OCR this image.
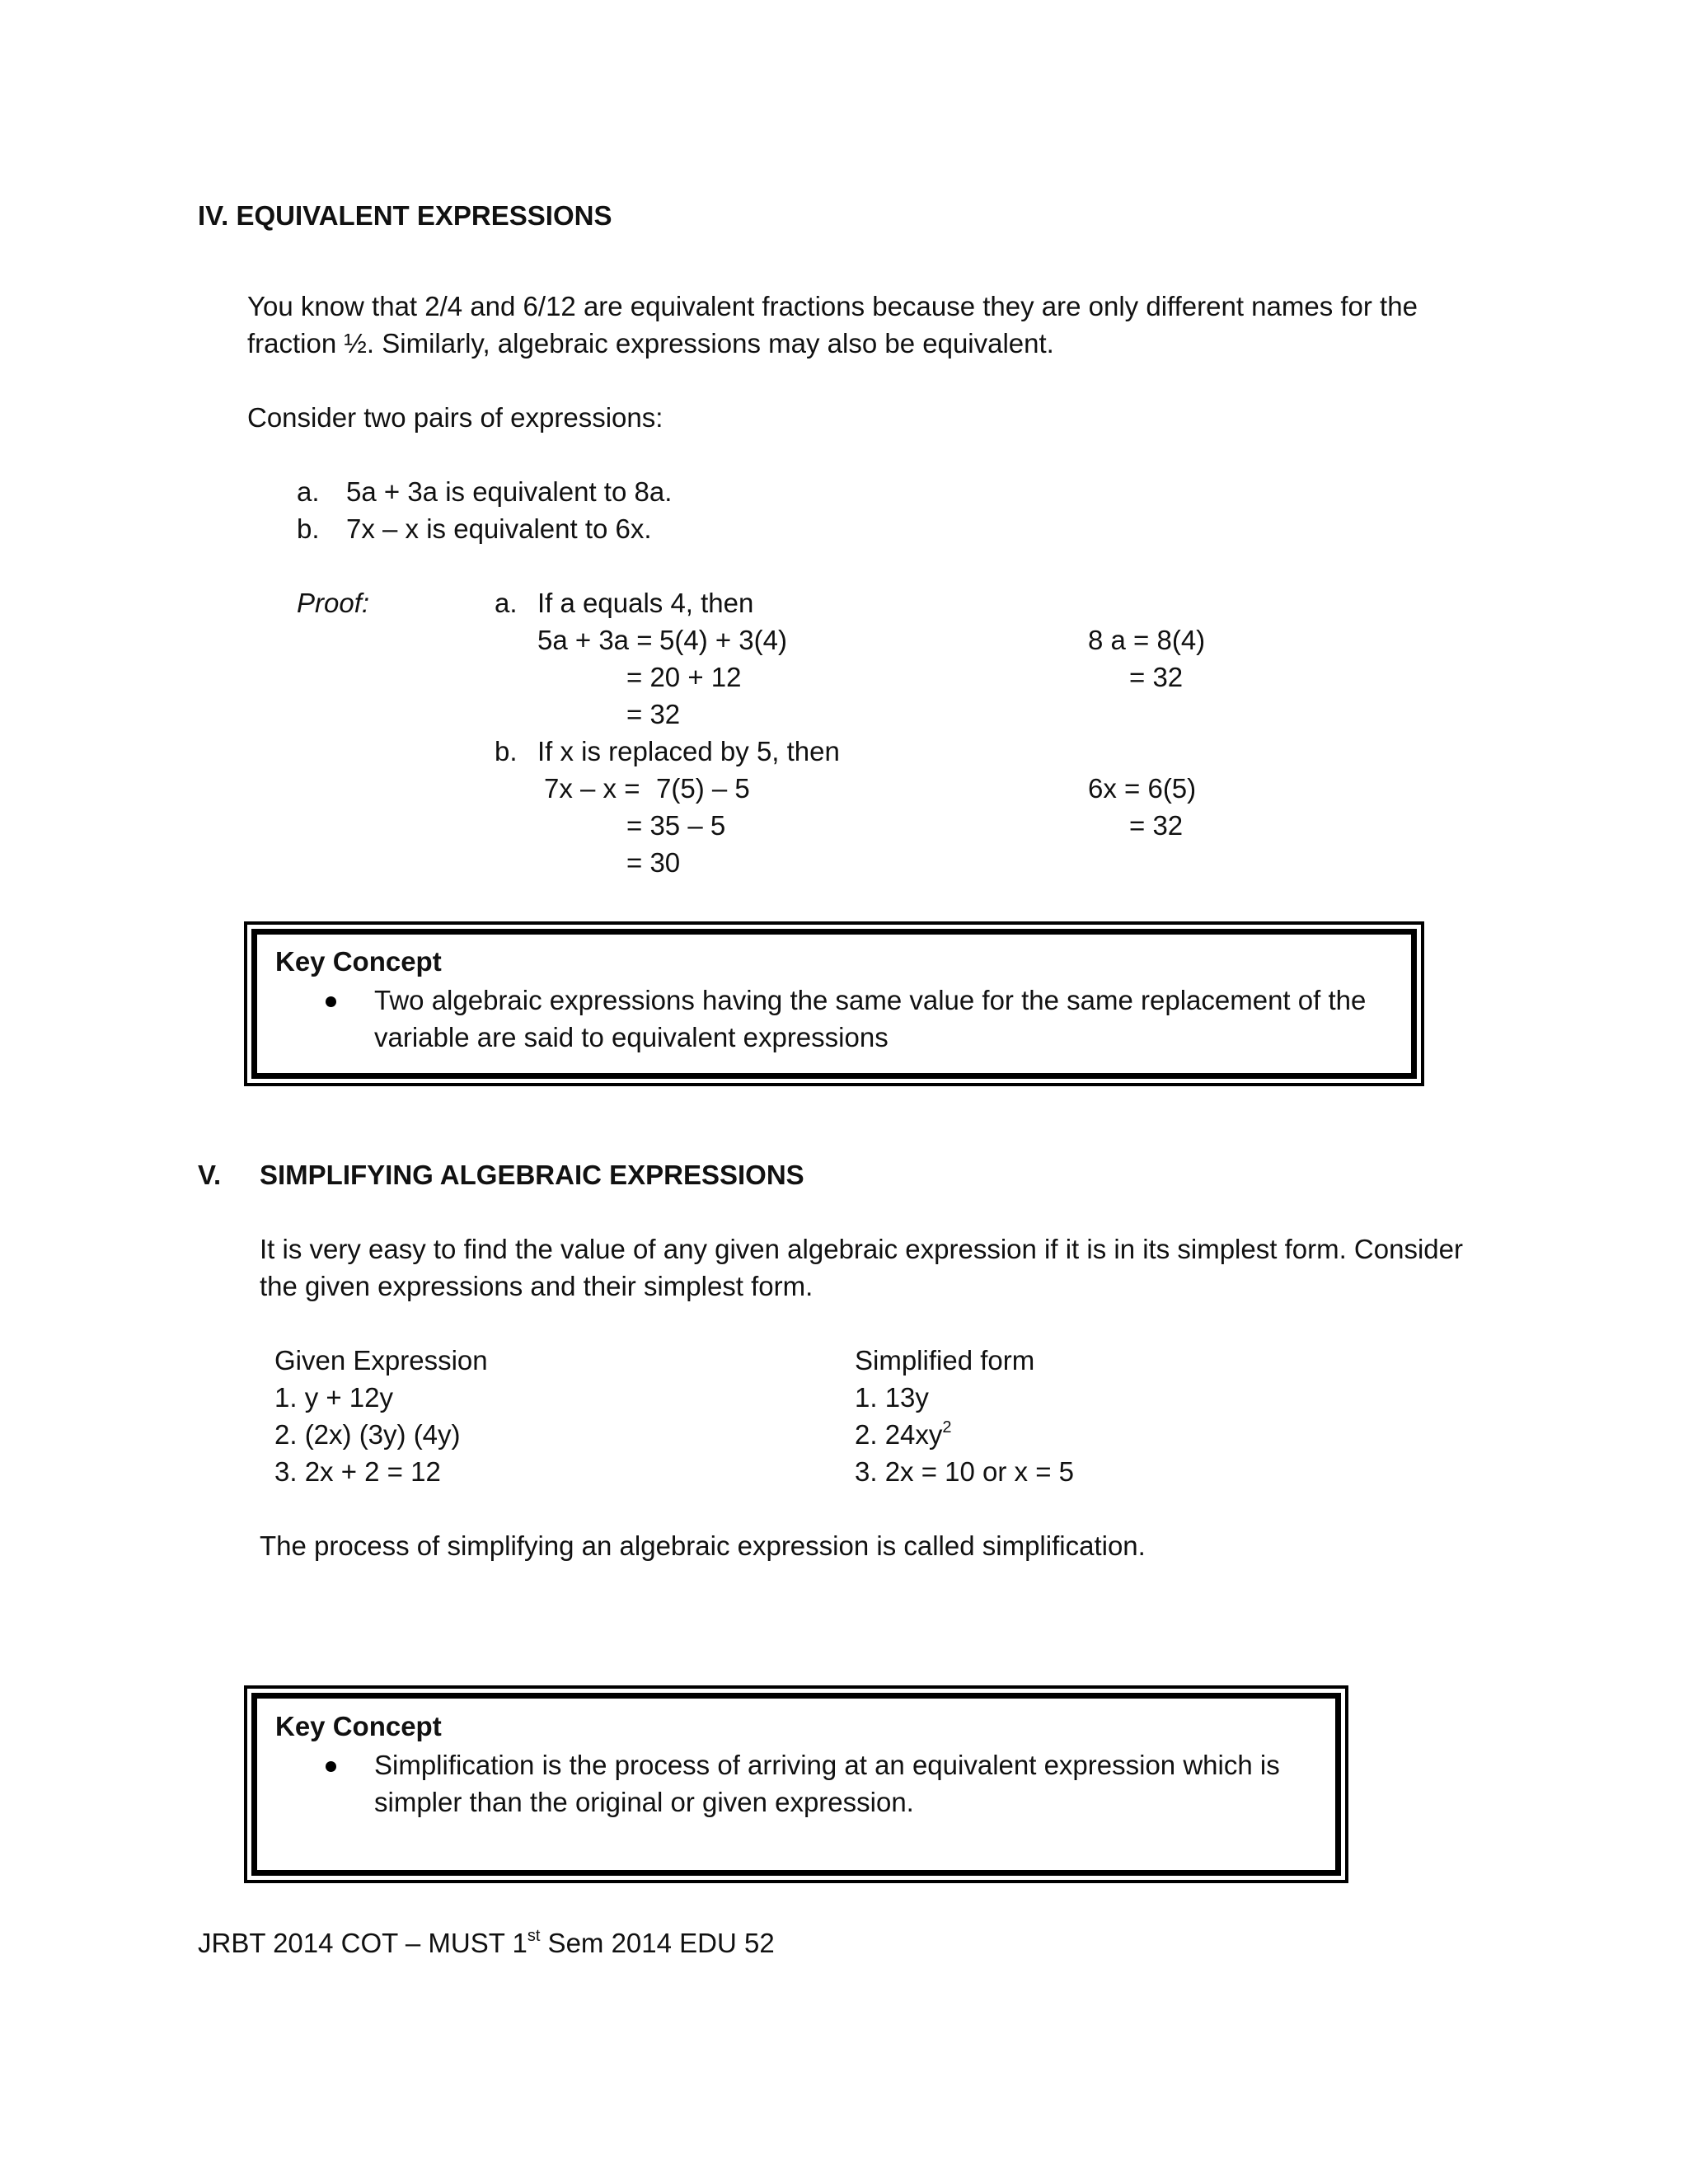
IV. EQUIVALENT EXPRESSIONS
You know that 2/4 and 6/12 are equivalent fractions because they are only different names for the
fraction ½. Similarly, algebraic expressions may also be equivalent.
Consider two pairs of expressions:
a. 5a + 3a is equivalent to 8a.
b. 7x – x is equivalent to 6x.
Proof:	a. If a equals 4, then
5a + 3a = 5(4) + 3(4)
= 20 + 12
= 32
8 a = 8(4)
= 32
b. If x is replaced by 5, then
7x – x = 7(5) – 5
= 35 – 5
= 30
6x = 6(5)
= 32
Key Concept
Two algebraic expressions having the same value for the same replacement of the
variable are said to equivalent expressions
V. SIMPLIFYING ALGEBRAIC EXPRESSIONS
It is very easy to find the value of any given algebraic expression if it is in its simplest form. Consider
the given expressions and their simplest form.
Given Expression
1. y + 12y
2. (2x) (3y) (4y)
3. 2x + 2 = 12
Simplified form
1. 13y
2. $24xy^2$
3. 2x = 10 or x = 5
The process of simplifying an algebraic expression is called simplification.
Key Concept
Simplification is the process of arriving at an equivalent expression which is
simpler than the original or given expression.
JRBT 2014 COT – MUST 1st Sem 2014 EDU 52
